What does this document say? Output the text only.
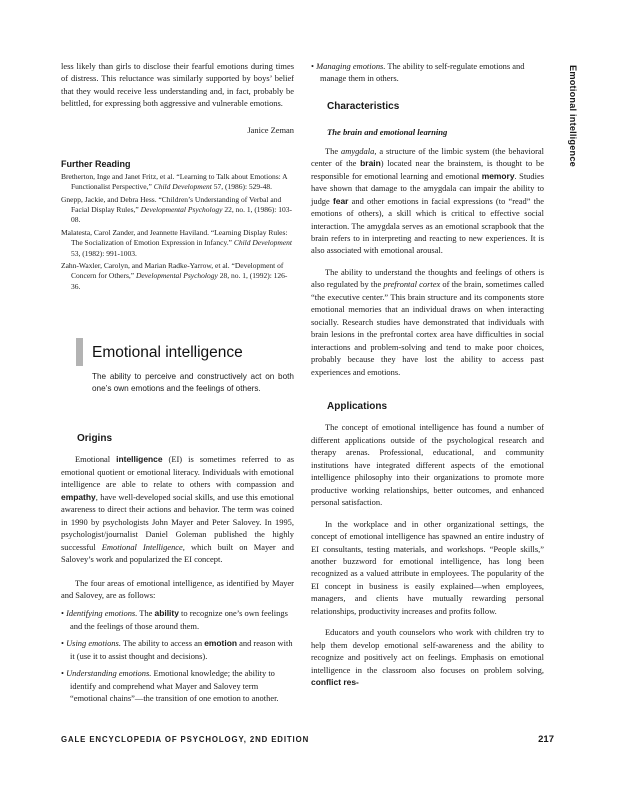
less likely than girls to disclose their fearful emotions during times of distress. This reluctance was similarly supported by boys’ belief that they would receive less understanding and, in fact, probably be belittled, for expressing both aggressive and vulnerable emotions.

Janice Zeman

Further Reading

Bretherton, Inge and Janet Fritz, et al. “Learning to Talk about Emotions: A Functionalist Perspective,” Child Development 57, (1986): 529-48.

Gnepp, Jackie, and Debra Hess. “Children’s Understanding of Verbal and Facial Display Rules,” Developmental Psychology 22, no. 1, (1986): 103-08.

Malatesta, Carol Zander, and Jeannette Haviland. “Learning Display Rules: The Socialization of Emotion Expression in Infancy.” Child Development 53, (1982): 991-1003.

Zahn-Waxler, Carolyn, and Marian Radke-Yarrow, et al. “Development of Concern for Others,” Developmental Psychology 28, no. 1, (1992): 126-36.

Emotional intelligence

The ability to perceive and constructively act on both one’s own emotions and the feelings of others.

Origins

Emotional intelligence (EI) is sometimes referred to as emotional quotient or emotional literacy. Individuals with emotional intelligence are able to relate to others with compassion and empathy, have well-developed social skills, and use this emotional awareness to direct their actions and behavior. The term was coined in 1990 by psychologists John Mayer and Peter Salovey. In 1995, psychologist/journalist Daniel Goleman published the highly successful Emotional Intelligence, which built on Mayer and Salovey’s work and popularized the EI concept.

The four areas of emotional intelligence, as identified by Mayer and Salovey, are as follows:

• Identifying emotions. The ability to recognize one’s own feelings and the feelings of those around them.

• Using emotions. The ability to access an emotion and reason with it (use it to assist thought and decisions).

• Understanding emotions. Emotional knowledge; the ability to identify and comprehend what Mayer and Salovey term “emotional chains”—the transition of one emotion to another.

• Managing emotions. The ability to self-regulate emotions and manage them in others.

Characteristics
The brain and emotional learning

The amygdala, a structure of the limbic system (the behavioral center of the brain) located near the brainstem, is thought to be responsible for emotional learning and emotional memory. Studies have shown that damage to the amygdala can impair the ability to judge fear and other emotions in facial expressions (to “read” the emotions of others), a skill which is critical to effective social interaction. The amygdala serves as an emotional scrapbook that the brain refers to in interpreting and reacting to new experiences. It is also associated with emotional arousal.

The ability to understand the thoughts and feelings of others is also regulated by the prefrontal cortex of the brain, sometimes called “the executive center.” This brain structure and its components store emotional memories that an individual draws on when interacting socially. Research studies have demonstrated that individuals with brain lesions in the prefrontal cortex area have difficulties in social interactions and problem-solving and tend to make poor choices, probably because they have lost the ability to access past experiences and emotions.

Applications

The concept of emotional intelligence has found a number of different applications outside of the psychological research and therapy arenas. Professional, educational, and community institutions have integrated different aspects of the emotional intelligence philosophy into their organizations to promote more productive working relationships, better outcomes, and enhanced personal satisfaction.

In the workplace and in other organizational settings, the concept of emotional intelligence has spawned an entire industry of EI consultants, testing materials, and workshops. “People skills,” another buzzword for emotional intelligence, has long been recognized as a valued attribute in employees. The popularity of the EI concept in business is easily explained—when employees, managers, and clients have mutually rewarding personal relationships, productivity increases and profits follow.

Educators and youth counselors who work with children try to help them develop emotional self-awareness and the ability to recognize and positively act on feelings. Emphasis on emotional intelligence in the classroom also focuses on problem solving, conflict res-

Emotional intelligence
GALE ENCYCLOPEDIA OF PSYCHOLOGY, 2ND EDITION	217
